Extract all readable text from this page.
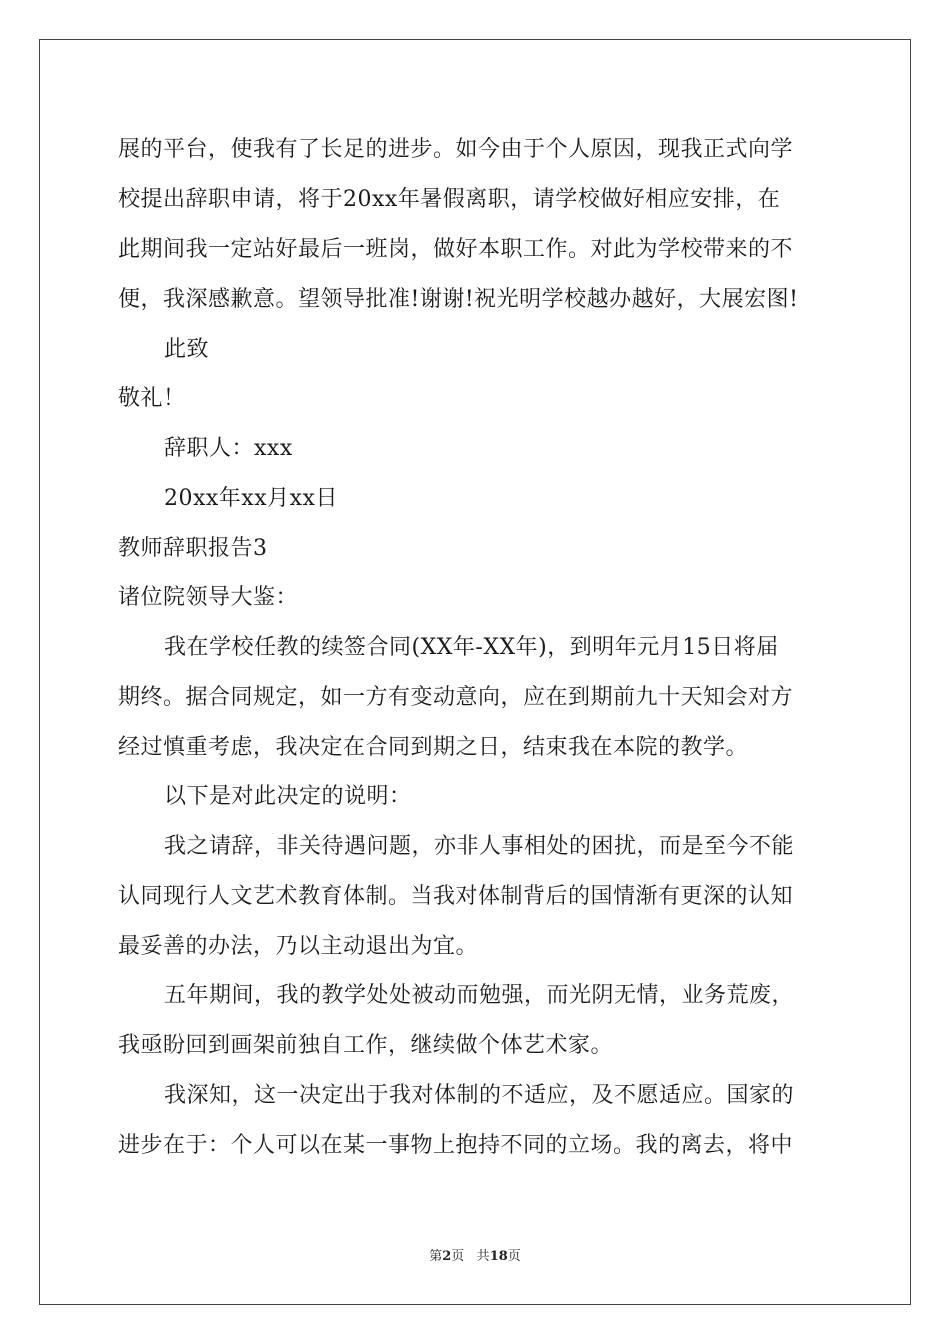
展的平台，使我有了长足的进步。如今由于个人原因，现我正式向学
校提出辞职申请，将于20xx年暑假离职，请学校做好相应安排，在
此期间我一定站好最后一班岗，做好本职工作。对此为学校带来的不
便，我深感歉意。望领导批准!谢谢!祝光明学校越办越好，大展宏图!
此致
敬礼！
辞职人：xxx
20xx年xx月xx日
教师辞职报告3
诸位院领导大鉴：
我在学校任教的续签合同(XX年-XX年)，到明年元月15日将届
期终。据合同规定，如一方有变动意向，应在到期前九十天知会对方
经过慎重考虑，我决定在合同到期之日，结束我在本院的教学。
以下是对此决定的说明：
我之请辞，非关待遇问题，亦非人事相处的困扰，而是至今不能
认同现行人文艺术教育体制。当我对体制背后的国情渐有更深的认知
最妥善的办法，乃以主动退出为宜。
五年期间，我的教学处处被动而勉强，而光阴无情，业务荒废，
我亟盼回到画架前独自工作，继续做个体艺术家。
我深知，这一决定出于我对体制的不适应，及不愿适应。国家的
进步在于：个人可以在某一事物上抱持不同的立场。我的离去，将中
第2页 共18页
